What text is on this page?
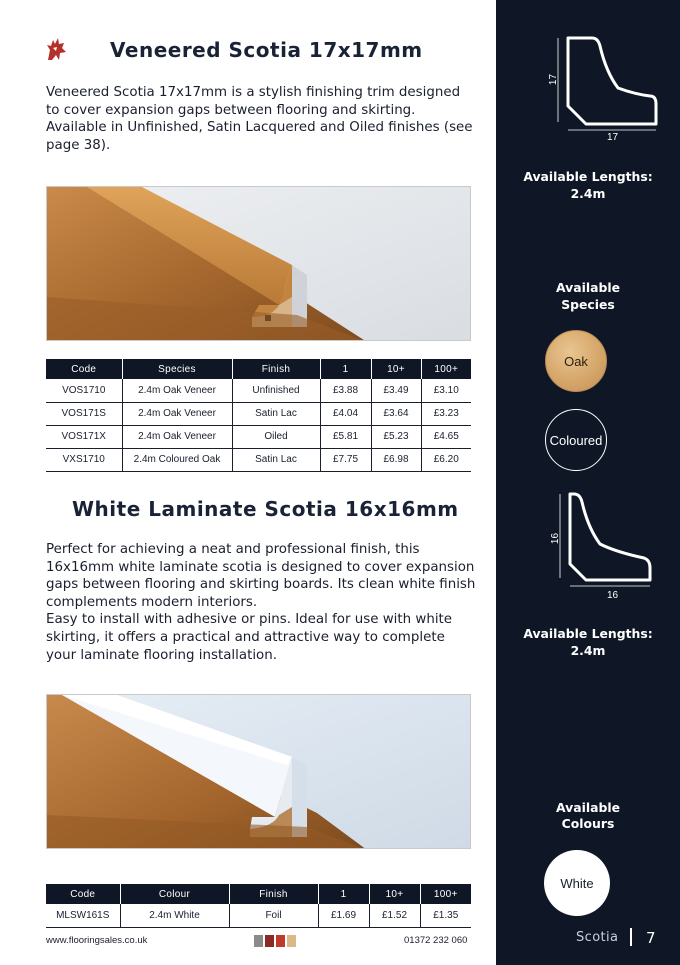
Veneered Scotia 17x17mm

Veneered Scotia 17x17mm is a stylish finishing trim designed to cover expansion gaps between flooring and skirting. Available in Unfinished, Satin Lacquered and Oiled finishes (see page 38).

Code	Species	Finish	1	10+	100+
VOS1710	2.4m Oak Veneer	Unfinished	£3.88	£3.49	£3.10
VOS171S	2.4m Oak Veneer	Satin Lac	£4.04	£3.64	£3.23
VOS171X	2.4m Oak Veneer	Oiled	£5.81	£5.23	£4.65
VXS1710	2.4m Coloured Oak	Satin Lac	£7.75	£6.98	£6.20
White Laminate Scotia 16x16mm

Perfect for achieving a neat and professional finish, this 16x16mm white laminate scotia is designed to cover expansion gaps between flooring and skirting boards. Its clean white finish complements modern interiors.

Easy to install with adhesive or pins. Ideal for use with white skirting, it offers a practical and attractive way to complete your laminate flooring installation.

Code	Colour	Finish	1	10+	100+
MLSW161S	2.4m White	Foil	£1.69	£1.52	£1.35
www.flooringsales.co.uk	01372 232 060
17
17
Available Lengths:
2.4m
Available
Species
Oak
Coloured
16
16
Available Lengths:
2.4m
Available
Colours
White
Scotia 7
